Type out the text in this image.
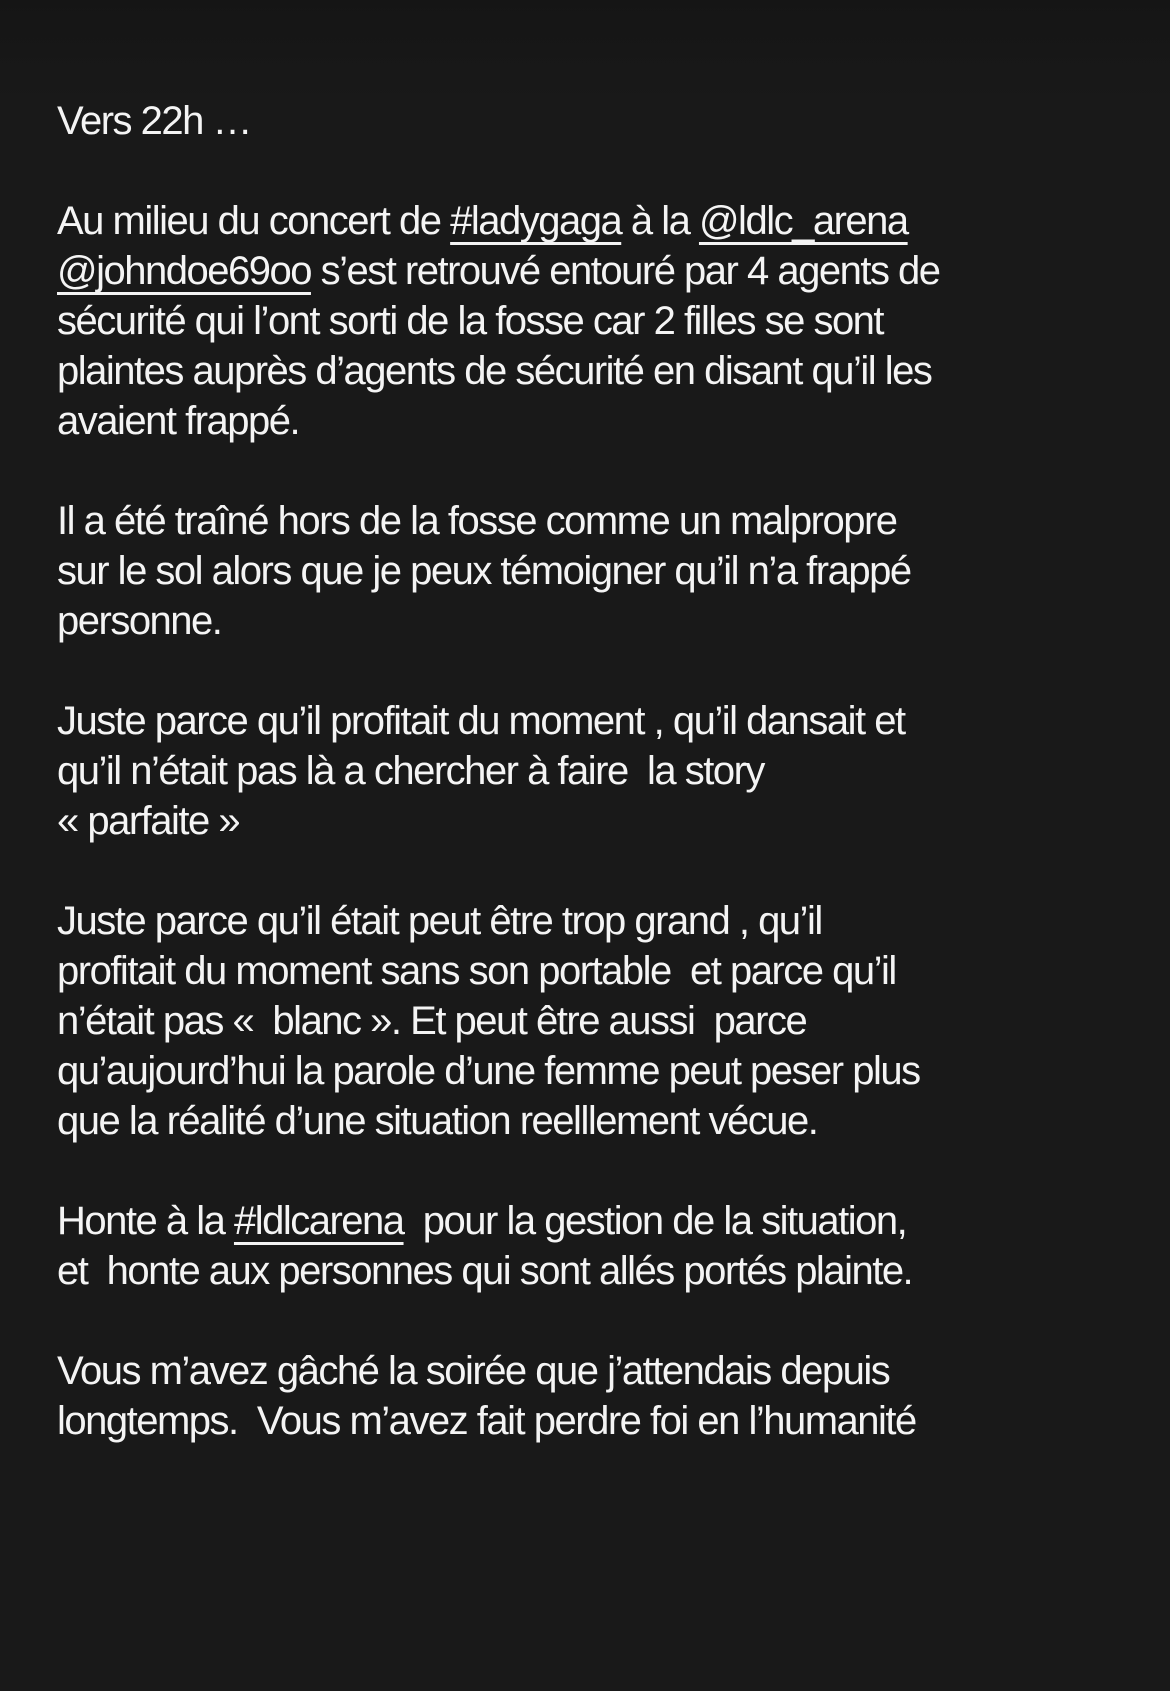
Vers 22h …
Au milieu du concert de #ladygaga à la @ldlc_arena
@johndoe69oo s’est retrouvé entouré par 4 agents de
sécurité qui l’ont sorti de la fosse car 2 filles se sont
plaintes auprès d’agents de sécurité en disant qu’il les
avaient frappé.
Il a été traîné hors de la fosse comme un malpropre
sur le sol alors que je peux témoigner qu’il n’a frappé
personne.
Juste parce qu’il profitait du moment , qu’il dansait et
qu’il n’était pas là a chercher à faire  la story
« parfaite »
Juste parce qu’il était peut être trop grand , qu’il
profitait du moment sans son portable  et parce qu’il
n’était pas «  blanc ». Et peut être aussi  parce
qu’aujourd’hui la parole d’une femme peut peser plus
que la réalité d’une situation reelllement vécue.
Honte à la #ldlcarena  pour la gestion de la situation,
et  honte aux personnes qui sont allés portés plainte.
Vous m’avez gâché la soirée que j’attendais depuis
longtemps.  Vous m’avez fait perdre foi en l’humanité
